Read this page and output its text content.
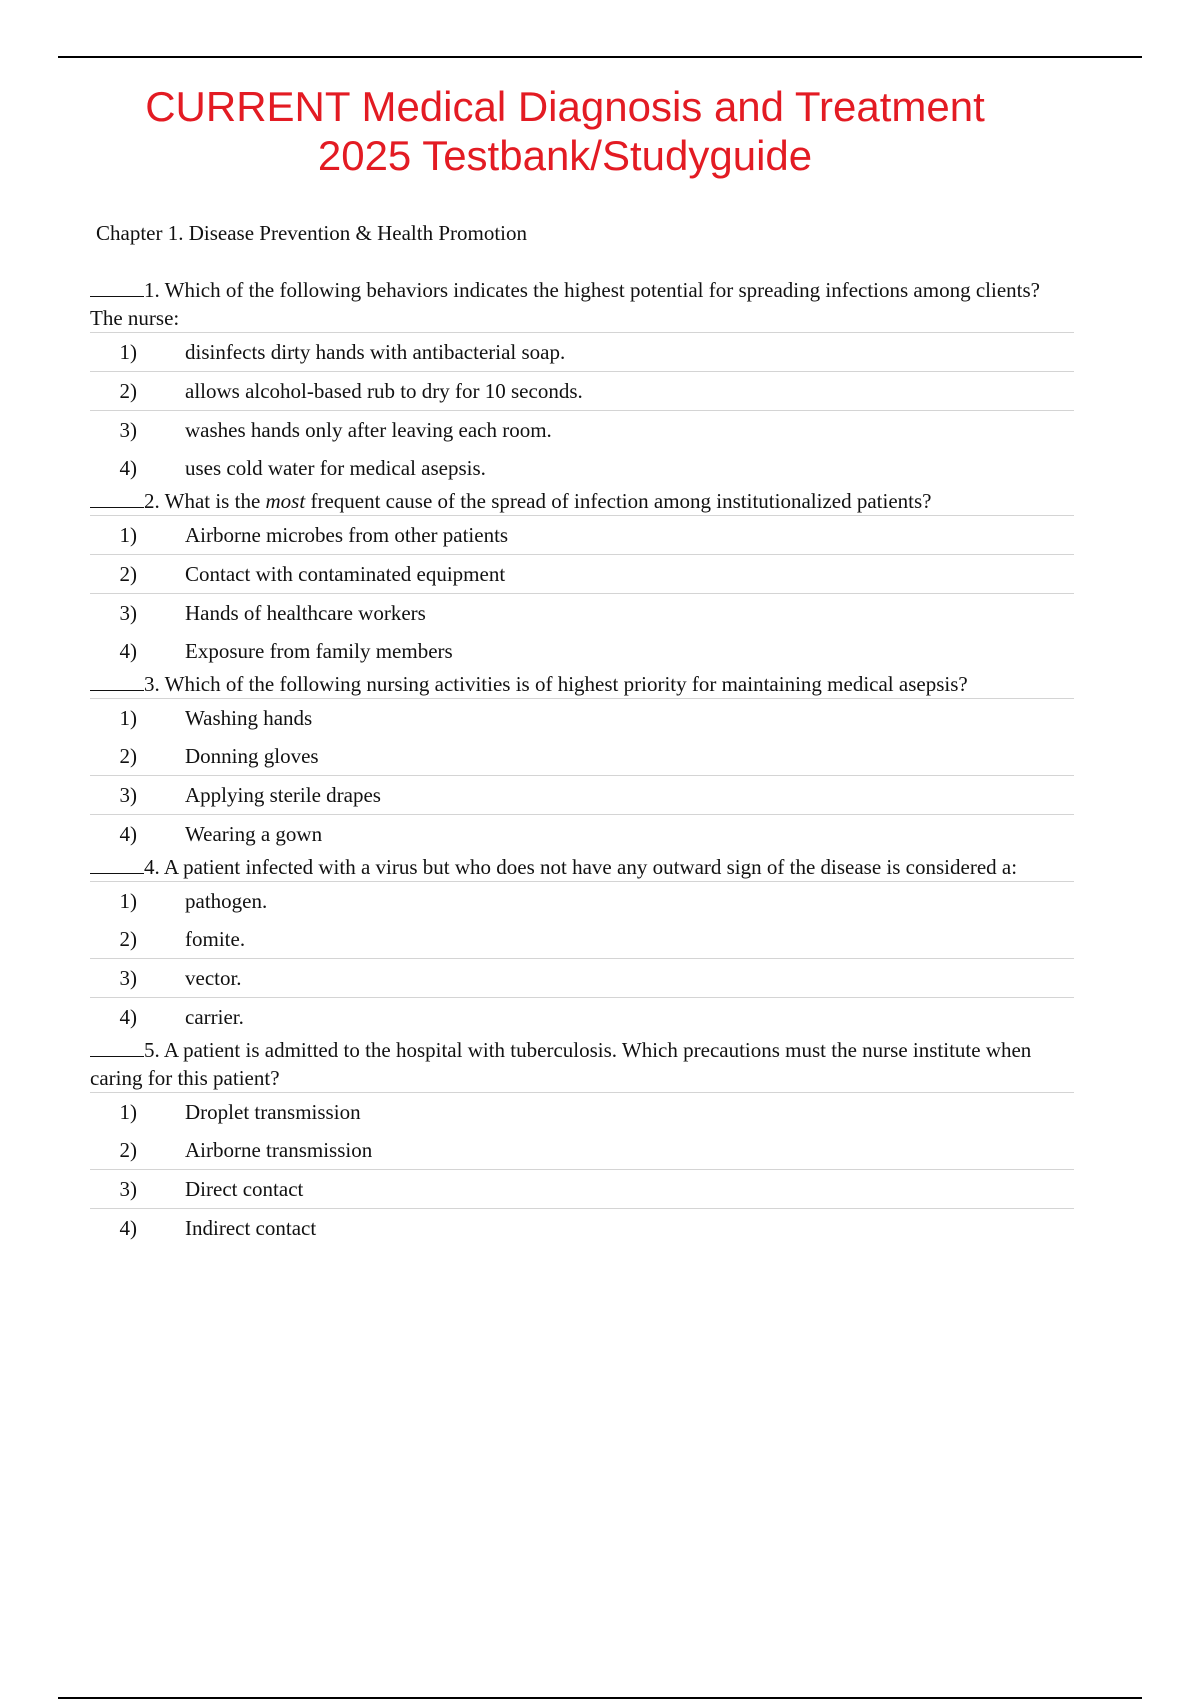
CURRENT Medical Diagnosis and Treatment
2025 Testbank/Studyguide
Chapter 1. Disease Prevention & Health Promotion
1. Which of the following behaviors indicates the highest potential for spreading infections among clients? The nurse:
1) disinfects dirty hands with antibacterial soap.
2) allows alcohol-based rub to dry for 10 seconds.
3) washes hands only after leaving each room.
4) uses cold water for medical asepsis.
2. What is the most frequent cause of the spread of infection among institutionalized patients?
1) Airborne microbes from other patients
2) Contact with contaminated equipment
3) Hands of healthcare workers
4) Exposure from family members
3. Which of the following nursing activities is of highest priority for maintaining medical asepsis?
1) Washing hands
2) Donning gloves
3) Applying sterile drapes
4) Wearing a gown
4. A patient infected with a virus but who does not have any outward sign of the disease is considered a:
1) pathogen.
2) fomite.
3) vector.
4) carrier.
5. A patient is admitted to the hospital with tuberculosis. Which precautions must the nurse institute when caring for this patient?
1) Droplet transmission
2) Airborne transmission
3) Direct contact
4) Indirect contact
